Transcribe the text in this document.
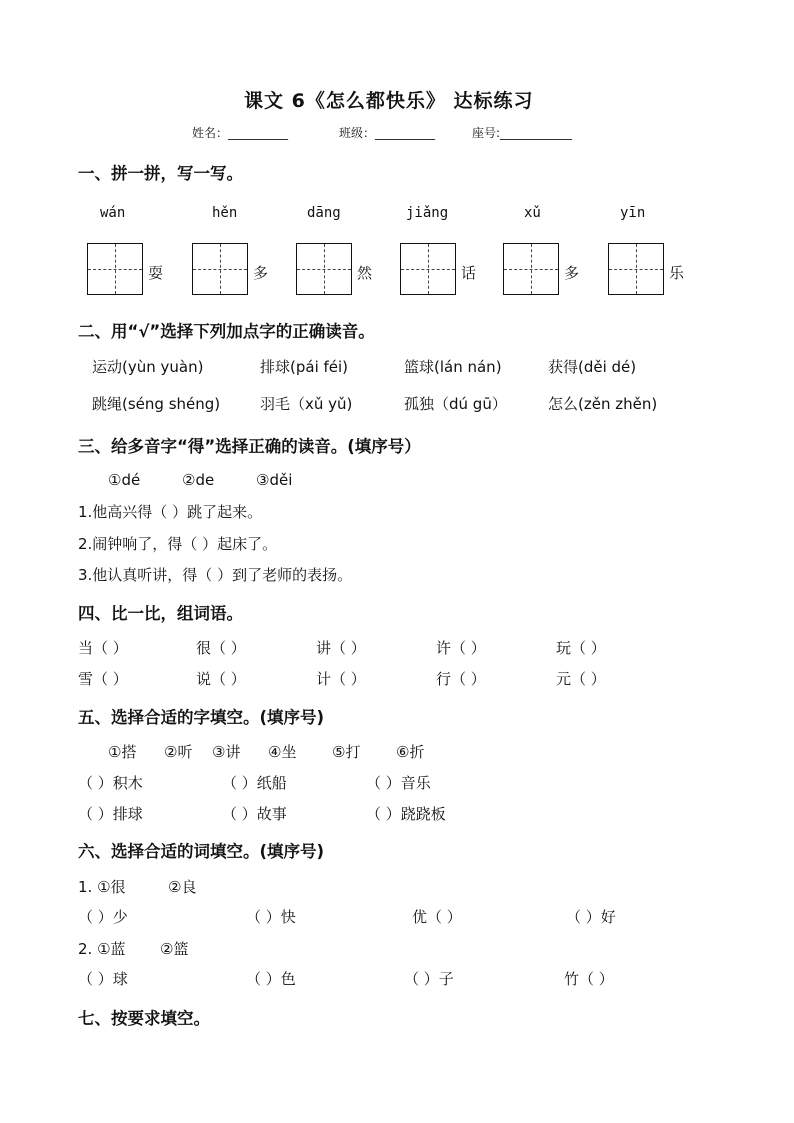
课文 6《怎么都快乐》 达标练习
姓名：__________	班级：__________	座号:____________
一、拼一拼，写一写。
wán	hěn	dāng	jiǎng	xǔ	yīn
耍	多	然	话	多	乐
二、用“√”选择下列加点字的正确读音。
运动(yùn yuàn)	排球(pái féi)	篮球(lán nán)	获得(děi dé)
跳绳(séng shéng)	羽毛（xǔ yǔ)	孤独（dú gū）	怎么(zěn zhěn)
三、给多音字“得”选择正确的读音。(填序号）
①dé	②de	③děi
1.他高兴得（ ）跳了起来。
2.闹钟响了，得（ ）起床了。
3.他认真听讲，得（ ）到了老师的表扬。
四、比一比，组词语。
当（ ）	很（ ）	讲（ ）	许（ ）	玩（ ）
雪（ ）	说（ ）	计（ ）	行（ ）	元（ ）
五、选择合适的字填空。(填序号)
①搭 ②听 ③讲 ④坐 ⑤打 ⑥折
（ ）积木	（ ）纸船	（ ）音乐
（ ）排球	（ ）故事	（ ）跷跷板
六、选择合适的词填空。(填序号)
1. ①很	②良
（ ）少	（ ）快	优（ ）	（ ）好
2. ①蓝 ②篮
（ ）球	（ ）色	（ ）子	竹（ ）
七、按要求填空。
